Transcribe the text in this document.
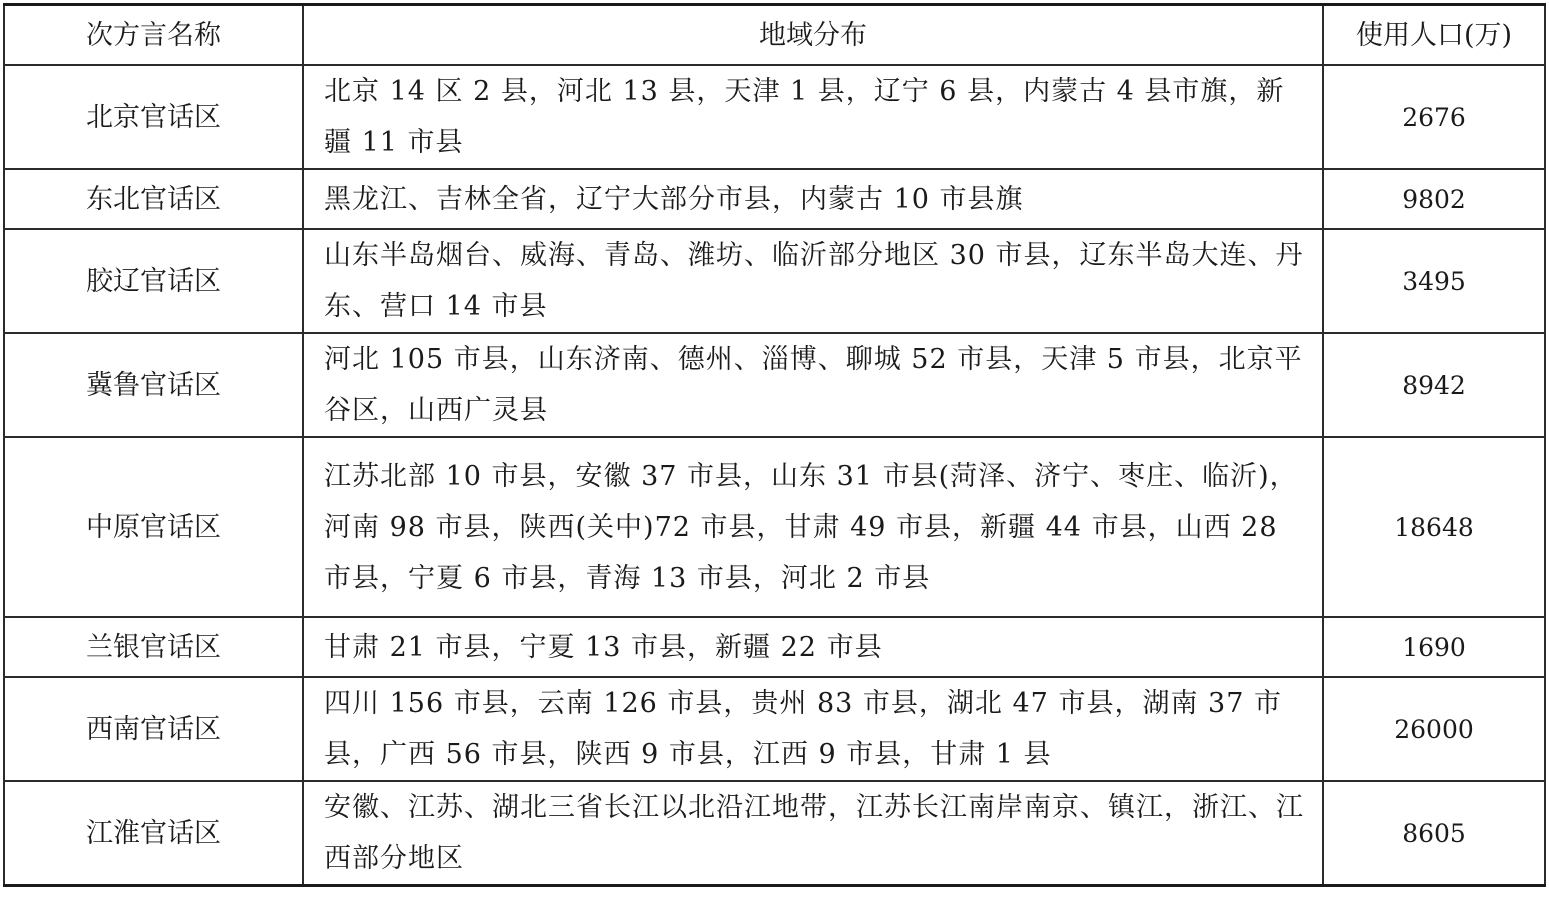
次方言名称	地域分布	使用人口(万)
北京官话区	北京 14 区 2 县，河北 13 县，天津 1 县，辽宁 6 县，内蒙古 4 县市旗，新疆 11 市县	2676
东北官话区	黑龙江、吉林全省，辽宁大部分市县，内蒙古 10 市县旗	9802
胶辽官话区	山东半岛烟台、威海、青岛、潍坊、临沂部分地区 30 市县，辽东半岛大连、丹东、营口 14 市县	3495
冀鲁官话区	河北 105 市县，山东济南、德州、淄博、聊城 52 市县，天津 5 市县，北京平谷区，山西广灵县	8942
中原官话区	江苏北部 10 市县，安徽 37 市县，山东 31 市县(菏泽、济宁、枣庄、临沂)，河南 98 市县，陕西(关中)72 市县，甘肃 49 市县，新疆 44 市县，山西 28 市县，宁夏 6 市县，青海 13 市县，河北 2 市县	18648
兰银官话区	甘肃 21 市县，宁夏 13 市县，新疆 22 市县	1690
西南官话区	四川 156 市县，云南 126 市县，贵州 83 市县，湖北 47 市县，湖南 37 市县，广西 56 市县，陕西 9 市县，江西 9 市县，甘肃 1 县	26000
江淮官话区	安徽、江苏、湖北三省长江以北沿江地带，江苏长江南岸南京、镇江，浙江、江西部分地区	8605
